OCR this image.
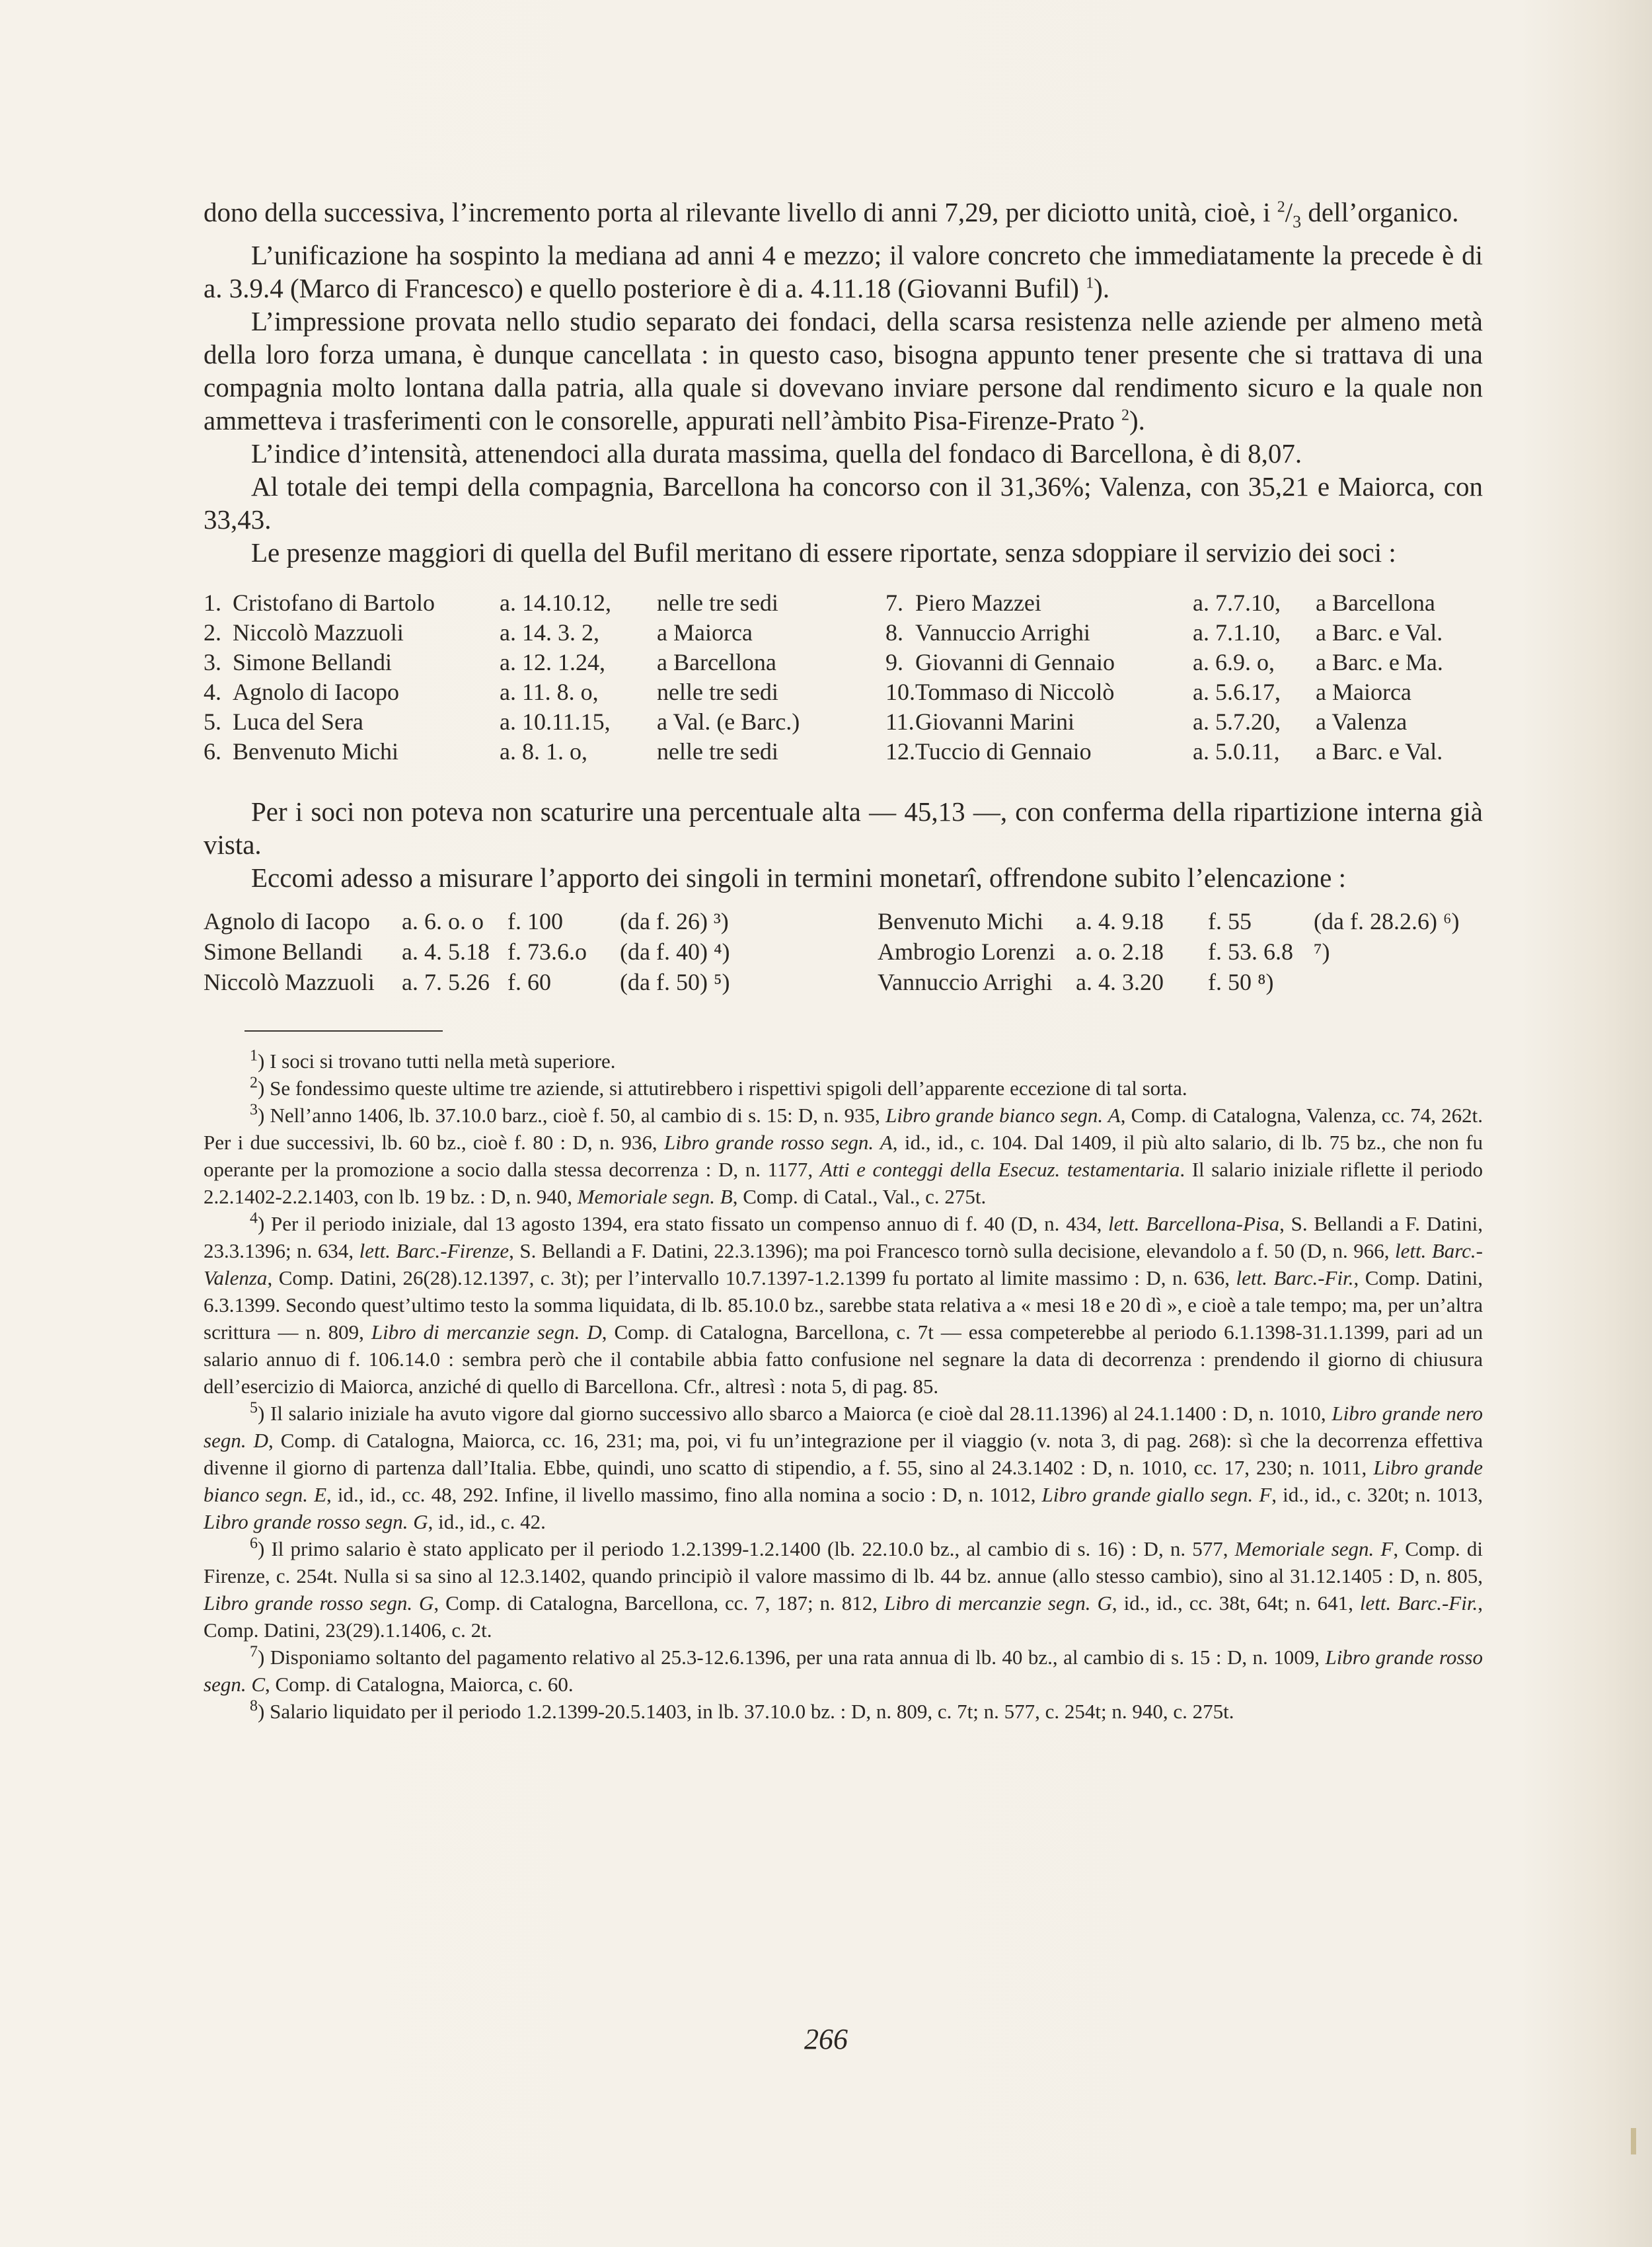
dono della successiva, l’incremento porta al rilevante livello di anni 7,29, per diciotto unità, cioè, i $^2/_3$ dell’organico.

L’unificazione ha sospinto la mediana ad anni 4 e mezzo; il valore concreto che immediatamente la precede è di a. 3.9.4 (Marco di Francesco) e quello posteriore è di a. 4.11.18 (Giovanni Bufil) $^1$).

L’impressione provata nello studio separato dei fondaci, della scarsa resistenza nelle aziende per almeno metà della loro forza umana, è dunque cancellata : in questo caso, bisogna appunto tener presente che si trattava di una compagnia molto lontana dalla patria, alla quale si dovevano inviare persone dal rendimento sicuro e la quale non ammetteva i trasferimenti con le consorelle, appurati nell’àmbito Pisa-Firenze-Prato $^2$).

L’indice d’intensità, attenendoci alla durata massima, quella del fondaco di Barcellona, è di 8,07.

Al totale dei tempi della compagnia, Barcellona ha concorso con il 31,36%; Valenza, con 35,21 e Maiorca, con 33,43.

Le presenze maggiori di quella del Bufil meritano di essere riportate, senza sdoppiare il servizio dei soci :

1.	Cristofano di Bartolo	a. 14.10.12,	nelle tre sedi		7.	Piero Mazzei	a. 7.7.10,	a Barcellona
2.	Niccolò Mazzuoli	a. 14. 3. 2,	a Maiorca		8.	Vannuccio Arrighi	a. 7.1.10,	a Barc. e Val.
3.	Simone Bellandi	a. 12. 1.24,	a Barcellona		9.	Giovanni di Gennaio	a. 6.9. o,	a Barc. e Ma.
4.	Agnolo di Iacopo	a. 11. 8. o,	nelle tre sedi		10.	Tommaso di Niccolò	a. 5.6.17,	a Maiorca
5.	Luca del Sera	a. 10.11.15,	a Val. (e Barc.)		11.	Giovanni Marini	a. 5.7.20,	a Valenza
6.	Benvenuto Michi	a. 8. 1. o,	nelle tre sedi		12.	Tuccio di Gennaio	a. 5.0.11,	a Barc. e Val.

Per i soci non poteva non scaturire una percentuale alta — 45,13 —, con conferma della ripartizione interna già vista.

Eccomi adesso a misurare l’apporto dei singoli in termini monetarî, offrendone subito l’elencazione :

Agnolo di Iacopo	a. 6. o. o	f. 100	(da f. 26) ³)	Benvenuto Michi	a. 4. 9.18	f. 55	(da f. 28.2.6) ⁶)
Simone Bellandi	a. 4. 5.18	f. 73.6.o	(da f. 40) ⁴)	Ambrogio Lorenzi	a. o. 2.18	f. 53. 6.8	⁷)
Niccolò Mazzuoli	a. 7. 5.26	f. 60	(da f. 50) ⁵)	Vannuccio Arrighi	a. 4. 3.20	f. 50 ⁸)	

$^1$) I soci si trovano tutti nella metà superiore.

$^2$) Se fondessimo queste ultime tre aziende, si attutirebbero i rispettivi spigoli dell’apparente eccezione di tal sorta.

$^3$) Nell’anno 1406, lb. 37.10.0 barz., cioè f. 50, al cambio di s. 15: D, n. 935, Libro grande bianco segn. A, Comp. di Catalogna, Valenza, cc. 74, 262t. Per i due successivi, lb. 60 bz., cioè f. 80 : D, n. 936, Libro grande rosso segn. A, id., id., c. 104. Dal 1409, il più alto salario, di lb. 75 bz., che non fu operante per la promozione a socio dalla stessa decorrenza : D, n. 1177, Atti e conteggi della Esecuz. testamentaria. Il salario iniziale riflette il periodo 2.2.1402-2.2.1403, con lb. 19 bz. : D, n. 940, Memoriale segn. B, Comp. di Catal., Val., c. 275t.

$^4$) Per il periodo iniziale, dal 13 agosto 1394, era stato fissato un compenso annuo di f. 40 (D, n. 434, lett. Barcellona-Pisa, S. Bellandi a F. Datini, 23.3.1396; n. 634, lett. Barc.-Firenze, S. Bellandi a F. Datini, 22.3.1396); ma poi Francesco tornò sulla decisione, elevandolo a f. 50 (D, n. 966, lett. Barc.-Valenza, Comp. Datini, 26(28).12.1397, c. 3t); per l’intervallo 10.7.1397-1.2.1399 fu portato al limite massimo : D, n. 636, lett. Barc.-Fir., Comp. Datini, 6.3.1399. Secondo quest’ultimo testo la somma liquidata, di lb. 85.10.0 bz., sarebbe stata relativa a « mesi 18 e 20 dì », e cioè a tale tempo; ma, per un’altra scrittura — n. 809, Libro di mercanzie segn. D, Comp. di Catalogna, Barcellona, c. 7t — essa competerebbe al periodo 6.1.1398-31.1.1399, pari ad un salario annuo di f. 106.14.0 : sembra però che il contabile abbia fatto confusione nel segnare la data di decorrenza : prendendo il giorno di chiusura dell’esercizio di Maiorca, anziché di quello di Barcellona. Cfr., altresì : nota 5, di pag. 85.

$^5$) Il salario iniziale ha avuto vigore dal giorno successivo allo sbarco a Maiorca (e cioè dal 28.11.1396) al 24.1.1400 : D, n. 1010, Libro grande nero segn. D, Comp. di Catalogna, Maiorca, cc. 16, 231; ma, poi, vi fu un’integrazione per il viaggio (v. nota 3, di pag. 268): sì che la decorrenza effettiva divenne il giorno di partenza dall’Italia. Ebbe, quindi, uno scatto di stipendio, a f. 55, sino al 24.3.1402 : D, n. 1010, cc. 17, 230; n. 1011, Libro grande bianco segn. E, id., id., cc. 48, 292. Infine, il livello massimo, fino alla nomina a socio : D, n. 1012, Libro grande giallo segn. F, id., id., c. 320t; n. 1013, Libro grande rosso segn. G, id., id., c. 42.

$^6$) Il primo salario è stato applicato per il periodo 1.2.1399-1.2.1400 (lb. 22.10.0 bz., al cambio di s. 16) : D, n. 577, Memoriale segn. F, Comp. di Firenze, c. 254t. Nulla si sa sino al 12.3.1402, quando principiò il valore massimo di lb. 44 bz. annue (allo stesso cambio), sino al 31.12.1405 : D, n. 805, Libro grande rosso segn. G, Comp. di Catalogna, Barcellona, cc. 7, 187; n. 812, Libro di mercanzie segn. G, id., id., cc. 38t, 64t; n. 641, lett. Barc.-Fir., Comp. Datini, 23(29).1.1406, c. 2t.

$^7$) Disponiamo soltanto del pagamento relativo al 25.3-12.6.1396, per una rata annua di lb. 40 bz., al cambio di s. 15 : D, n. 1009, Libro grande rosso segn. C, Comp. di Catalogna, Maiorca, c. 60.

$^8$) Salario liquidato per il periodo 1.2.1399-20.5.1403, in lb. 37.10.0 bz. : D, n. 809, c. 7t; n. 577, c. 254t; n. 940, c. 275t.

266
